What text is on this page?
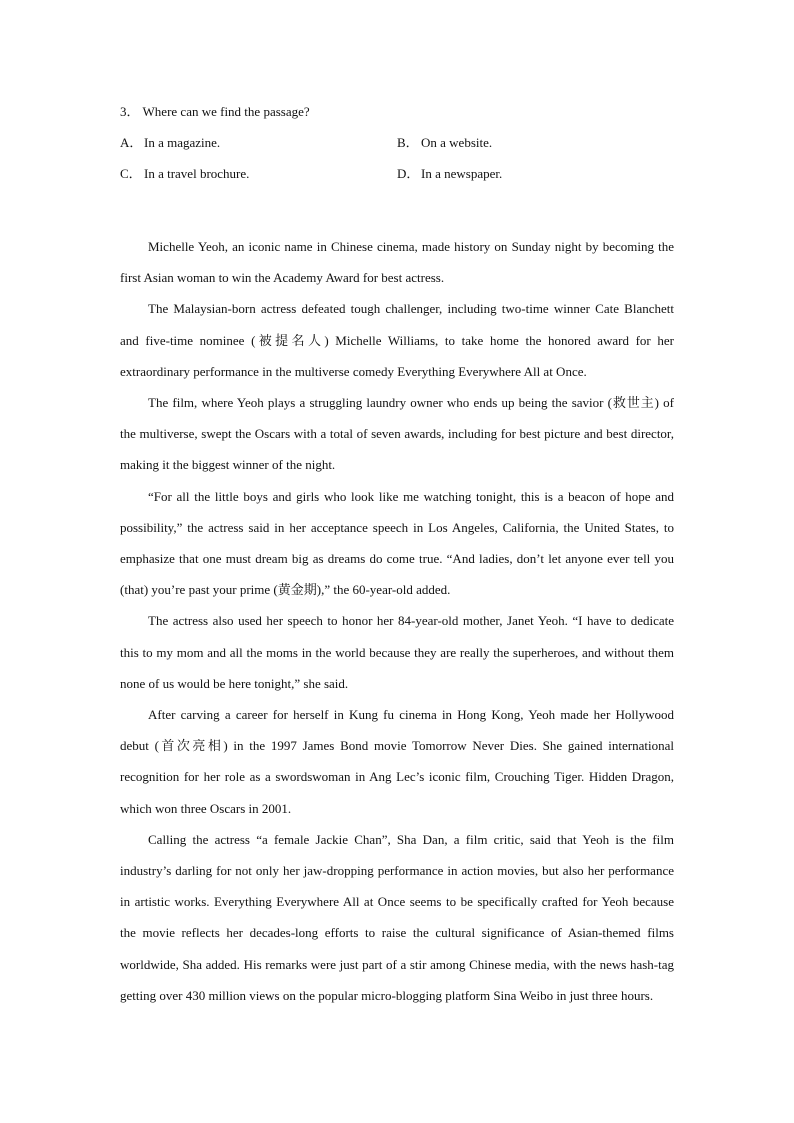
3． Where can we find the passage?

A． In a magazine.	B． On a website.
C． In a travel brochure.	D． In a newspaper.

Michelle Yeoh, an iconic name in Chinese cinema, made history on Sunday night by becoming the first Asian woman to win the Academy Award for best actress.

The Malaysian-born actress defeated tough challenger, including two-time winner Cate Blanchett and five-time nominee (被提名人) Michelle Williams, to take home the honored award for her extraordinary performance in the multiverse comedy Everything Everywhere All at Once.

The film, where Yeoh plays a struggling laundry owner who ends up being the savior (救世主) of the multiverse, swept the Oscars with a total of seven awards, including for best picture and best director, making it the biggest winner of the night.

“For all the little boys and girls who look like me watching tonight, this is a beacon of hope and possibility,” the actress said in her acceptance speech in Los Angeles, California, the United States, to emphasize that one must dream big as dreams do come true. “And ladies, don’t let anyone ever tell you (that) you’re past your prime (黄金期),” the 60-year-old added.

The actress also used her speech to honor her 84-year-old mother, Janet Yeoh. “I have to dedicate this to my mom and all the moms in the world because they are really the superheroes, and without them none of us would be here tonight,” she said.

After carving a career for herself in Kung fu cinema in Hong Kong, Yeoh made her Hollywood debut (首次亮相) in the 1997 James Bond movie Tomorrow Never Dies. She gained international recognition for her role as a swordswoman in Ang Lec’s iconic film, Crouching Tiger. Hidden Dragon, which won three Oscars in 2001.

Calling the actress “a female Jackie Chan”, Sha Dan, a film critic, said that Yeoh is the film industry’s darling for not only her jaw-dropping performance in action movies, but also her performance in artistic works. Everything Everywhere All at Once seems to be specifically crafted for Yeoh because the movie reflects her decades-long efforts to raise the cultural significance of Asian-themed films worldwide, Sha added. His remarks were just part of a stir among Chinese media, with the news hash-tag getting over 430 million views on the popular micro-blogging platform Sina Weibo in just three hours.
